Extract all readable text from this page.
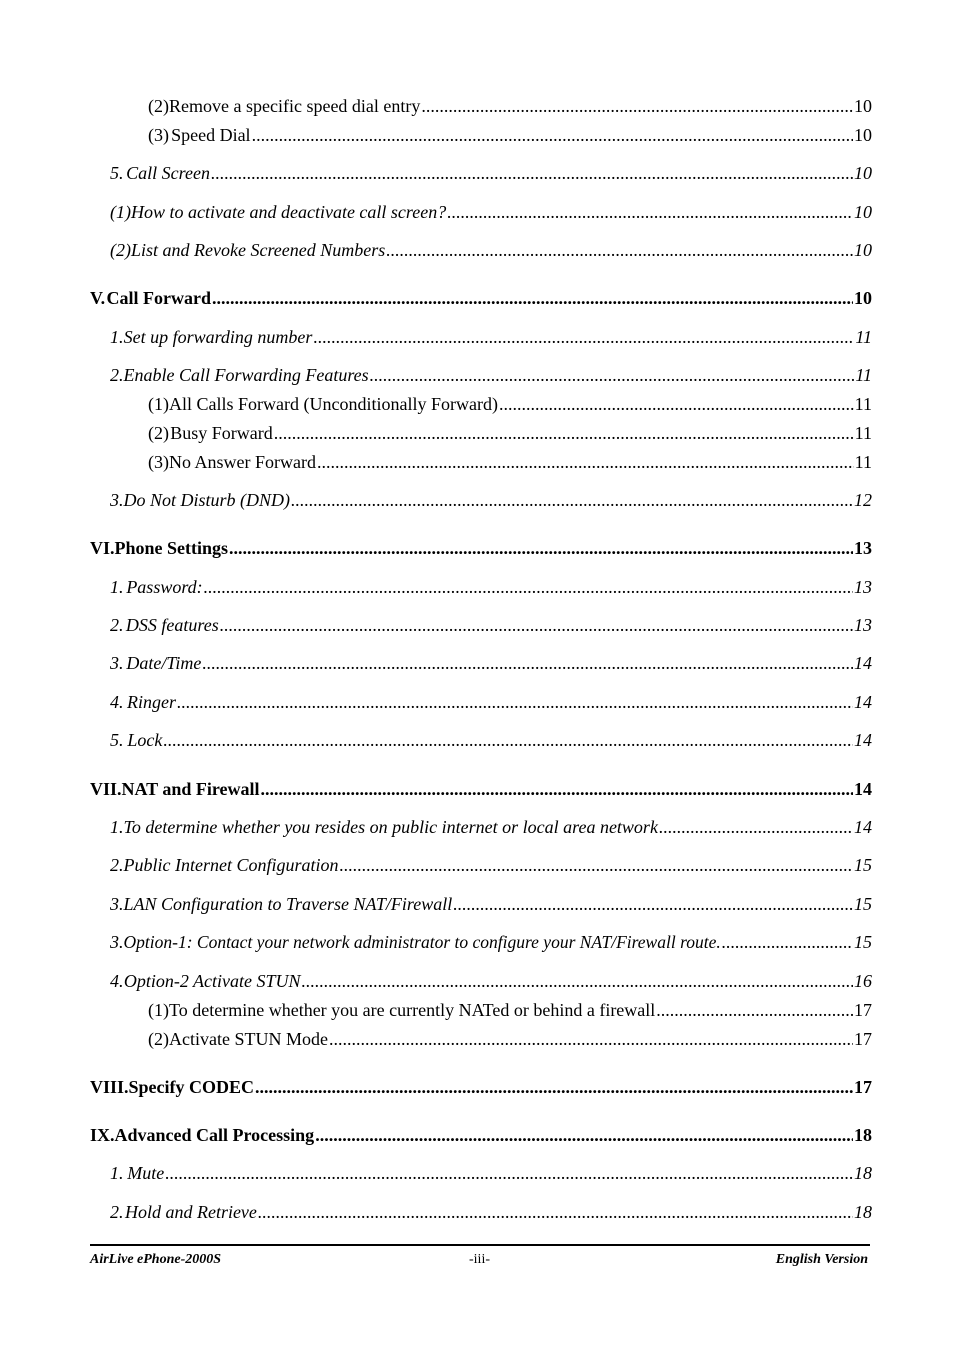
(2) Remove a specific speed dial entry .....	10
(3) Speed Dial .....	10
5. Call Screen .....	10
(1) How to activate and deactivate call screen? .....	10
(2) List and Revoke Screened Numbers .....	10
V. Call Forward .....	10
1. Set up forwarding number .....	11
2. Enable Call Forwarding Features .....	11
(1) All Calls Forward (Unconditionally Forward) .....	11
(2) Busy Forward .....	11
(3) No Answer Forward .....	11
3. Do Not Disturb (DND) .....	12
VI. Phone Settings .....	13
1. Password: .....	13
2. DSS features .....	13
3. Date/Time .....	14
4. Ringer .....	14
5. Lock .....	14
VII. NAT and Firewall .....	14
1. To determine whether you resides on public internet or local area network .....	14
2. Public Internet Configuration .....	15
3. LAN Configuration to Traverse NAT/Firewall .....	15
3. Option-1: Contact your network administrator to configure your NAT/Firewall route. .....	15
4. Option-2 Activate STUN .....	16
(1) To determine whether you are currently NATed or behind a firewall .....	17
(2) Activate STUN Mode .....	17
VIII. Specify CODEC .....	17
IX. Advanced Call Processing .....	18
1. Mute .....	18
2. Hold and Retrieve .....	18
AirLive ePhone-2000S	-iii-	English Version
